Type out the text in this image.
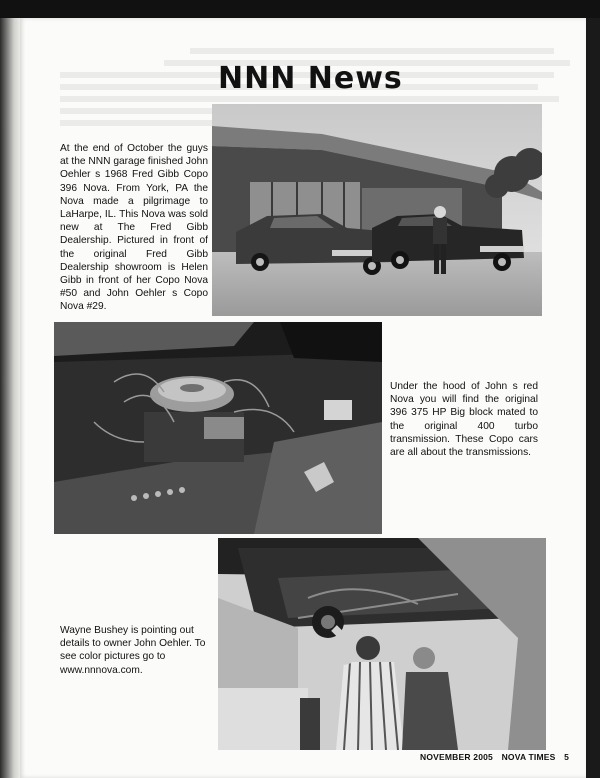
NNN News
At the end of October the guys at the NNN garage finished John Oehler s 1968 Fred Gibb Copo 396 Nova. From York, PA the Nova made a pilgrimage to LaHarpe, IL. This Nova was sold new at The Fred Gibb Dealership. Pictured in front of the original Fred Gibb Dealership showroom is Helen Gibb in front of her Copo Nova #50 and John Oehler s Copo Nova #29.
Under the hood of John s red Nova you will find the original 396 375 HP Big block mated to the original 400 turbo transmission. These Copo cars are all about the transmissions.
Wayne Bushey is pointing out details to owner John Oehler. To see color pictures go to www.nnnova.com.
NOVEMBER 2005 NOVA TIMES 5
